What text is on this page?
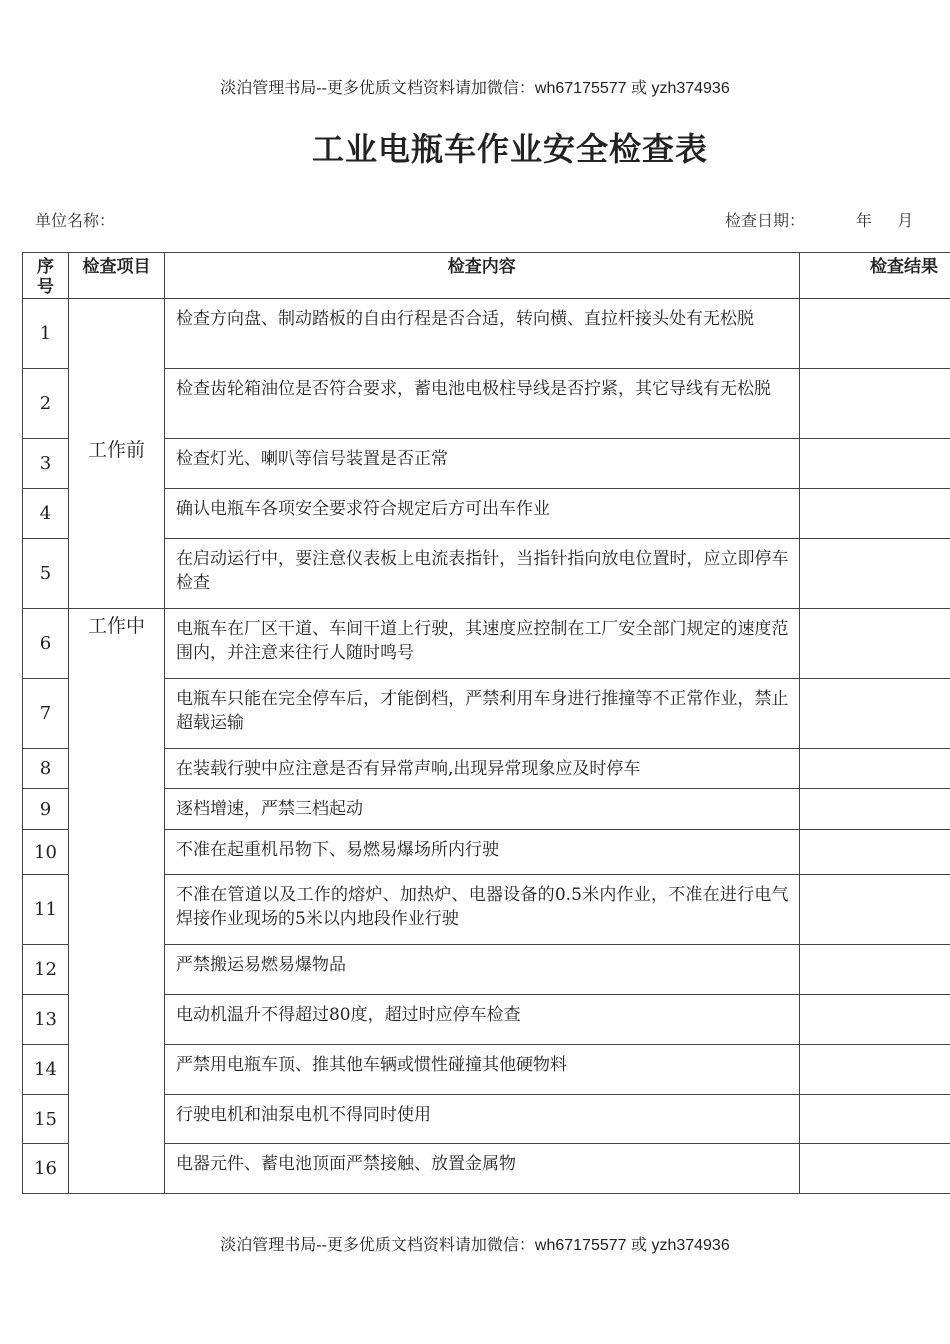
淡泊管理书局--更多优质文档资料请加微信：wh67175577 或 yzh374936
工业电瓶车作业安全检查表
单位名称：	检查日期：          年     月
序号	检查项目	检查内容	检查结果
1	工作前	检查方向盘、制动踏板的自由行程是否合适，转向横、直拉杆接头处有无松脱	
2		检查齿轮箱油位是否符合要求，蓄电池电极柱导线是否拧紧，其它导线有无松脱	
3		检查灯光、喇叭等信号装置是否正常	
4		确认电瓶车各项安全要求符合规定后方可出车作业	
5		在启动运行中，要注意仪表板上电流表指针，当指针指向放电位置时，应立即停车检查	
6	工作中	电瓶车在厂区干道、车间干道上行驶，其速度应控制在工厂安全部门规定的速度范围内，并注意来往行人随时鸣号	
7		电瓶车只能在完全停车后，才能倒档，严禁利用车身进行推撞等不正常作业，禁止超载运输	
8		在装载行驶中应注意是否有异常声响,出现异常现象应及时停车	
9		逐档增速，严禁三档起动	
10		不准在起重机吊物下、易燃易爆场所内行驶	
11		不准在管道以及工作的熔炉、加热炉、电器设备的0.5米内作业，不准在进行电气焊接作业现场的5米以内地段作业行驶	
12		严禁搬运易燃易爆物品	
13		电动机温升不得超过80度，超过时应停车检查	
14		严禁用电瓶车顶、推其他车辆或惯性碰撞其他硬物料	
15		行驶电机和油泵电机不得同时使用	
16		电器元件、蓄电池顶面严禁接触、放置金属物	
淡泊管理书局--更多优质文档资料请加微信：wh67175577 或 yzh374936
